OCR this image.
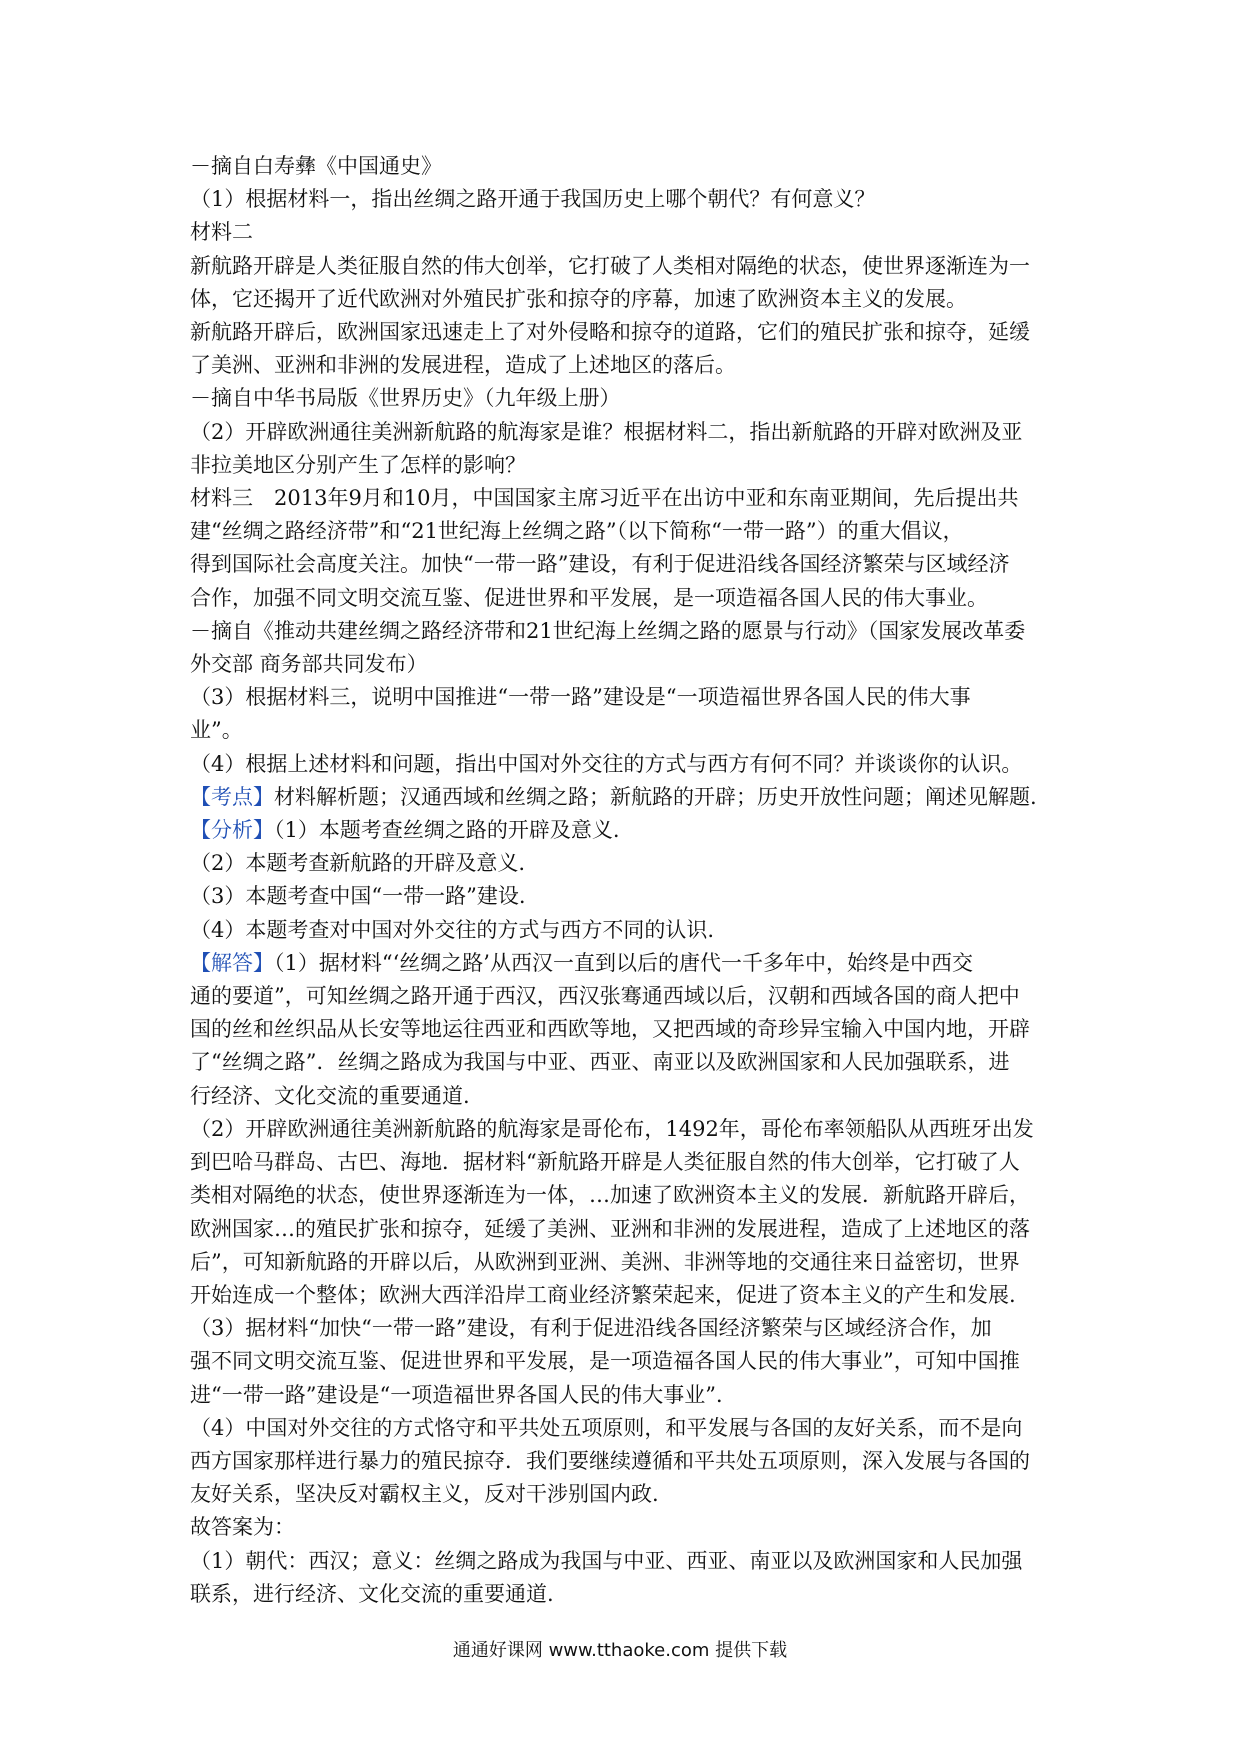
－摘自白寿彝《中国通史》
（1）根据材料一，指出丝绸之路开通于我国历史上哪个朝代？有何意义？
材料二
新航路开辟是人类征服自然的伟大创举，它打破了人类相对隔绝的状态，使世界逐渐连为一
体，它还揭开了近代欧洲对外殖民扩张和掠夺的序幕，加速了欧洲资本主义的发展。
新航路开辟后，欧洲国家迅速走上了对外侵略和掠夺的道路，它们的殖民扩张和掠夺，延缓
了美洲、亚洲和非洲的发展进程，造成了上述地区的落后。
－摘自中华书局版《世界历史》（九年级上册）
（2）开辟欧洲通往美洲新航路的航海家是谁？根据材料二，指出新航路的开辟对欧洲及亚
非拉美地区分别产生了怎样的影响？
材料三　2013年9月和10月，中国国家主席习近平在出访中亚和东南亚期间，先后提出共
建“丝绸之路经济带”和“21世纪海上丝绸之路”（以下简称“一带一路”）的重大倡议，
得到国际社会高度关注。加快“一带一路”建设，有利于促进沿线各国经济繁荣与区域经济
合作，加强不同文明交流互鉴、促进世界和平发展，是一项造福各国人民的伟大事业。
－摘自《推动共建丝绸之路经济带和21世纪海上丝绸之路的愿景与行动》（国家发展改革委
外交部 商务部共同发布）
（3）根据材料三，说明中国推进“一带一路”建设是“一项造福世界各国人民的伟大事
业”。
（4）根据上述材料和问题，指出中国对外交往的方式与西方有何不同？并谈谈你的认识。
【考点】材料解析题；汉通西域和丝绸之路；新航路的开辟；历史开放性问题；阐述见解题.
【分析】（1）本题考查丝绸之路的开辟及意义.
（2）本题考查新航路的开辟及意义.
（3）本题考查中国“一带一路”建设.
（4）本题考查对中国对外交往的方式与西方不同的认识.
【解答】（1）据材料“‘丝绸之路’从西汉一直到以后的唐代一千多年中，始终是中西交
通的要道”，可知丝绸之路开通于西汉，西汉张骞通西域以后，汉朝和西域各国的商人把中
国的丝和丝织品从长安等地运往西亚和西欧等地，又把西域的奇珍异宝输入中国内地，开辟
了“丝绸之路”．丝绸之路成为我国与中亚、西亚、南亚以及欧洲国家和人民加强联系，进
行经济、文化交流的重要通道.
（2）开辟欧洲通往美洲新航路的航海家是哥伦布，1492年，哥伦布率领船队从西班牙出发
到巴哈马群岛、古巴、海地．据材料“新航路开辟是人类征服自然的伟大创举，它打破了人
类相对隔绝的状态，使世界逐渐连为一体，…加速了欧洲资本主义的发展．新航路开辟后，
欧洲国家…的殖民扩张和掠夺，延缓了美洲、亚洲和非洲的发展进程，造成了上述地区的落
后”，可知新航路的开辟以后，从欧洲到亚洲、美洲、非洲等地的交通往来日益密切，世界
开始连成一个整体；欧洲大西洋沿岸工商业经济繁荣起来，促进了资本主义的产生和发展.
（3）据材料“加快“一带一路”建设，有利于促进沿线各国经济繁荣与区域经济合作，加
强不同文明交流互鉴、促进世界和平发展，是一项造福各国人民的伟大事业”，可知中国推
进“一带一路”建设是“一项造福世界各国人民的伟大事业”．
（4）中国对外交往的方式恪守和平共处五项原则，和平发展与各国的友好关系，而不是向
西方国家那样进行暴力的殖民掠夺．我们要继续遵循和平共处五项原则，深入发展与各国的
友好关系，坚决反对霸权主义，反对干涉别国内政.
故答案为：
（1）朝代：西汉；意义：丝绸之路成为我国与中亚、西亚、南亚以及欧洲国家和人民加强
联系，进行经济、文化交流的重要通道.
通通好课网 www.tthaoke.com 提供下载
